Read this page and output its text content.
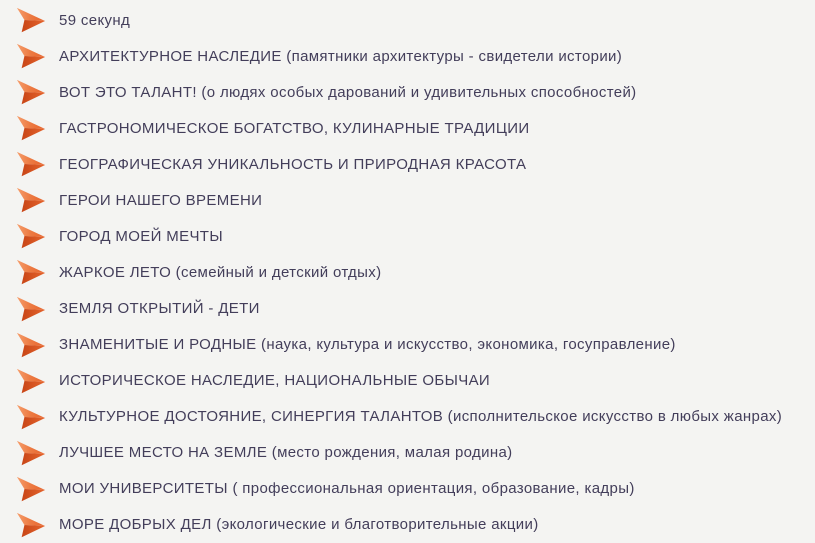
59 секунд
АРХИТЕКТУРНОЕ НАСЛЕДИЕ (памятники архитектуры - свидетели истории)
ВОТ ЭТО ТАЛАНТ! (о людях особых дарований и удивительных способностей)
ГАСТРОНОМИЧЕСКОЕ БОГАТСТВО, КУЛИНАРНЫЕ ТРАДИЦИИ
ГЕОГРАФИЧЕСКАЯ УНИКАЛЬНОСТЬ И ПРИРОДНАЯ КРАСОТА
ГЕРОИ НАШЕГО ВРЕМЕНИ
ГОРОД МОЕЙ МЕЧТЫ
ЖАРКОЕ ЛЕТО (семейный и детский отдых)
ЗЕМЛЯ ОТКРЫТИЙ - ДЕТИ
ЗНАМЕНИТЫЕ И РОДНЫЕ (наука, культура и искусство, экономика, госуправление)
ИСТОРИЧЕСКОЕ НАСЛЕДИЕ, НАЦИОНАЛЬНЫЕ ОБЫЧАИ
КУЛЬТУРНОЕ ДОСТОЯНИЕ, СИНЕРГИЯ ТАЛАНТОВ (исполнительское искусство в любых жанрах)
ЛУЧШЕЕ МЕСТО НА ЗЕМЛЕ (место рождения, малая родина)
МОИ УНИВЕРСИТЕТЫ ( профессиональная ориентация, образование, кадры)
МОРЕ ДОБРЫХ ДЕЛ (экологические и благотворительные акции)
